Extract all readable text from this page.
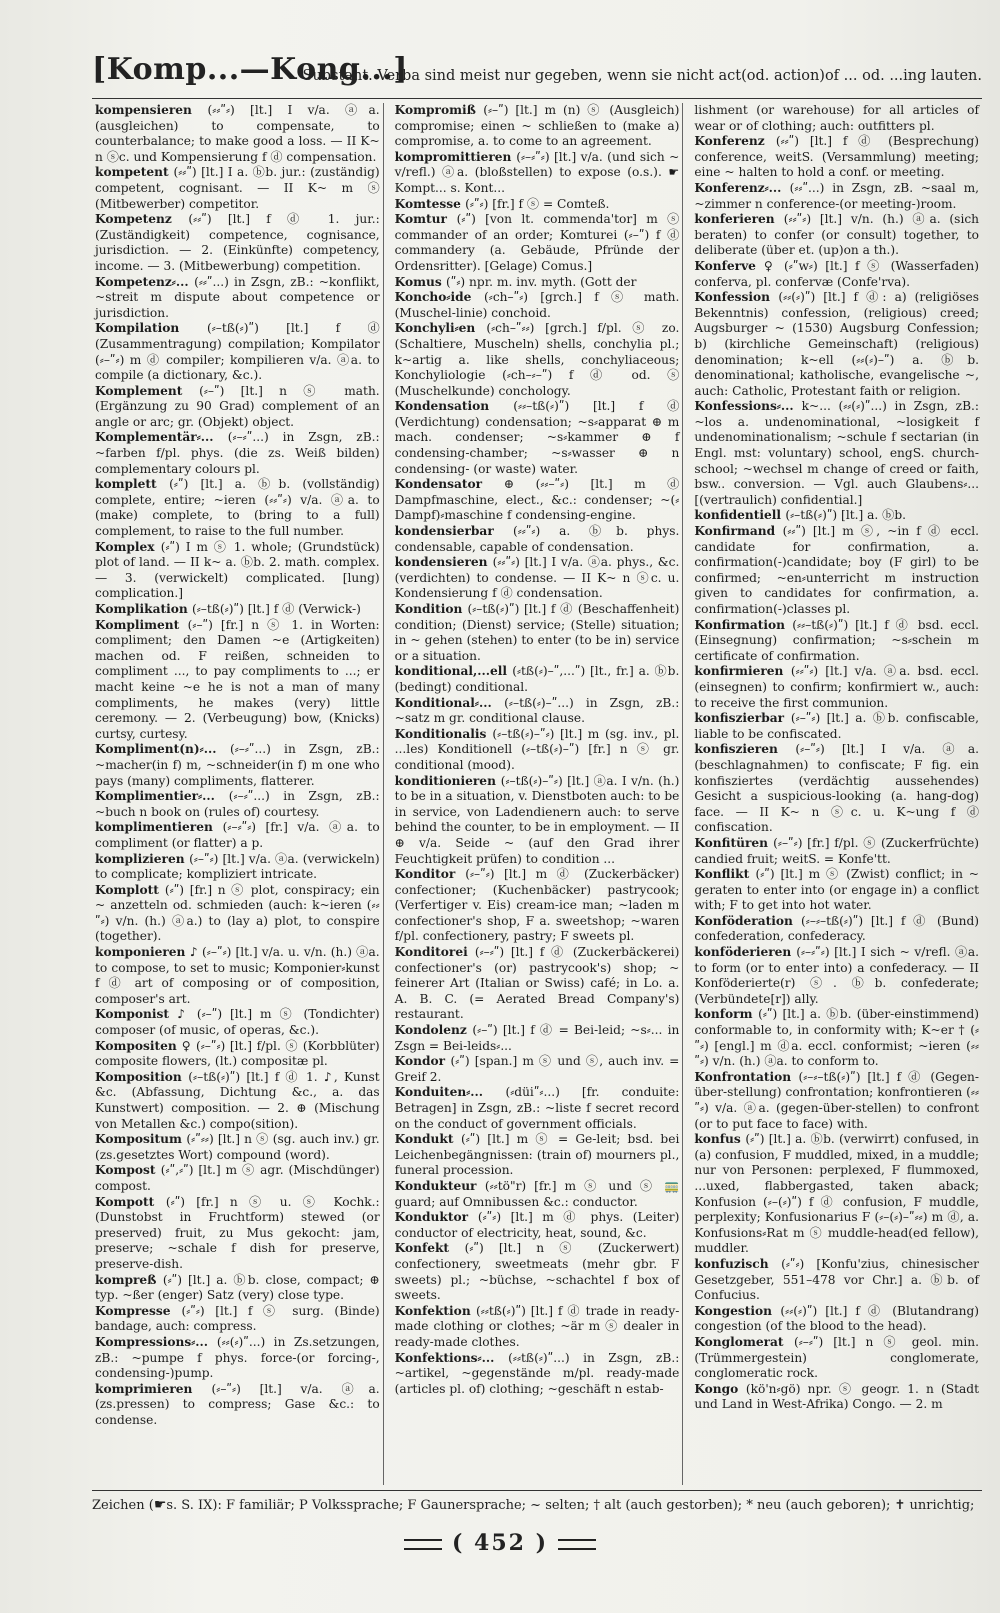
[Komp...—Kong...]
Substant. Verba sind meist nur gegeben, wenn sie nicht act(od. action)of ... od. ...ing lauten.

kompensieren (⸗⸗ʺ⸗) [lt.] I v/a. ⓐa. (ausgleichen) to compensate, to counterbalance; to make good a loss. — II K~ n ⓢc. und Kompensierung f ⓓ compensation.

kompetent (⸗⸗ʺ) [lt.] I a. ⓑb. jur.: (zuständig) competent, cognisant. — II K~ m ⓢ (Mitbewerber) competitor.

Kompetenz (⸗⸗ʺ) [lt.] f ⓓ 1. jur.: (Zuständigkeit) competence, cognisance, jurisdiction. — 2. (Einkünfte) competency, income. — 3. (Mitbewerbung) competition.

Kompetenz⸗... (⸗⸗ʺ...) in Zsgn, zB.: ~konflikt, ~streit m dispute about competence or jurisdiction.

Kompilation (⸗–tß(⸗)ʺ) [lt.] f ⓓ (Zusammentragung) compilation; Kompilator (⸗–ʺ⸗) m ⓓ compiler; kompilieren v/a. ⓐa. to compile (a dictionary, &c.).

Komplement (⸗–ʺ) [lt.] n ⓢ math. (Ergänzung zu 90 Grad) complement of an angle or arc; gr. (Objekt) object.

Komplementär⸗... (⸗–⸗ʺ...) in Zsgn, zB.: ~farben f/pl. phys. (die zs. Weiß bilden) complementary colours pl.

komplett (⸗ʺ) [lt.] a. ⓑb. (vollständig) complete, entire; ~ieren (⸗⸗ʺ⸗) v/a. ⓐa. to (make) complete, to (bring to a full) complement, to raise to the full number.

Komplex (⸗ʺ) I m ⓢ 1. whole; (Grundstück) plot of land. — II k~ a. ⓑb. 2. math. complex. — 3. (verwickelt) complicated. [lung) complication.]

Komplikation (⸗–tß(⸗)ʺ) [lt.] f ⓓ (Verwick-)

Kompliment (⸗–ʺ) [fr.] n ⓢ 1. in Worten: compliment; den Damen ~e (Artigkeiten) machen od. F reißen, schneiden to compliment ..., to pay compliments to ...; er macht keine ~e he is not a man of many compliments, he makes (very) little ceremony. — 2. (Verbeugung) bow, (Knicks) curtsy, curtesy.

Kompliment(n)⸗... (⸗–⸗ʺ...) in Zsgn, zB.: ~macher(in f) m, ~schneider(in f) m one who pays (many) compliments, flatterer.

Komplimentier⸗... (⸗–⸗ʺ...) in Zsgn, zB.: ~buch n book on (rules of) courtesy.

komplimentieren (⸗–⸗ʺ⸗) [fr.] v/a. ⓐa. to compliment (or flatter) a p.

komplizieren (⸗–ʺ⸗) [lt.] v/a. ⓐa. (verwickeln) to complicate; kompliziert intricate.

Komplott (⸗ʺ) [fr.] n ⓢ plot, conspiracy; ein ~ anzetteln od. schmieden (auch: k~ieren (⸗⸗ʺ⸗) v/n. (h.) ⓐa.) to (lay a) plot, to conspire (together).

komponieren ♪ (⸗–ʺ⸗) [lt.] v/a. u. v/n. (h.) ⓐa. to compose, to set to music; Komponier⸗kunst f ⓓ art of composing or of composition, composer's art.

Komponist ♪ (⸗–ʺ) [lt.] m ⓢ (Tondichter) composer (of music, of operas, &c.).

Kompositen ♀ (⸗–ʺ⸗) [lt.] f/pl. ⓢ (Korbblüter) composite flowers, (lt.) compositæ pl.

Komposition (⸗–tß(⸗)ʺ) [lt.] f ⓓ 1. ♪, Kunst &c. (Abfassung, Dichtung &c., a. das Kunstwert) composition. — 2. ⊕ (Mischung von Metallen &c.) compo(sition).

Kompositum (⸗ʺ⸗⸗) [lt.] n ⓢ (sg. auch inv.) gr. (zs.gesetztes Wort) compound (word).

Kompost (⸗ʺ,⸗ʺ) [lt.] m ⓢ agr. (Mischdünger) compost.

Kompott (⸗ʺ) [fr.] n ⓢ u. ⓢ Kochk.: (Dunstobst in Fruchtform) stewed (or preserved) fruit, zu Mus gekocht: jam, preserve; ~schale f dish for preserve, preserve-dish.

kompreß (⸗ʺ) [lt.] a. ⓑb. close, compact; ⊕ typ. ~ßer (enger) Satz (very) close type.

Kompresse (⸗ʺ⸗) [lt.] f ⓢ surg. (Binde) bandage, auch: compress.

Kompressions⸗... (⸗⸗(⸗)ʺ...) in Zs.setzungen, zB.: ~pumpe f phys. force-(or forcing-, condensing-)pump.

komprimieren (⸗–ʺ⸗) [lt.] v/a. ⓐa. (zs.pressen) to compress; Gase &c.: to condense.

Kompromiß (⸗–ʺ) [lt.] m (n) ⓢ (Ausgleich) compromise; einen ~ schließen to (make a) compromise, a. to come to an agreement.

kompromittieren (⸗–⸗ʺ⸗) [lt.] v/a. (und sich ~ v/refl.) ⓐa. (bloßstellen) to expose (o.s.). ☛ Kompt... s. Kont...

Komtesse (⸗ʺ⸗) [fr.] f ⓢ = Comteß.

Komtur (⸗ʺ) [von lt. commenda'tor] m ⓢ commander of an order; Komturei (⸗–ʺ) f ⓓ commandery (a. Gebäude, Pfründe der Ordensritter). [Gelage) Comus.]

Komus (ʺ⸗) npr. m. inv. myth. (Gott der

Koncho⸗ide (⸗ch–ʺ⸗) [grch.] f ⓢ math. (Muschel-linie) conchoid.

Konchyli⸗en (⸗ch–ʺ⸗⸗) [grch.] f/pl. ⓢ zo. (Schaltiere, Muscheln) shells, conchylia pl.; k~artig a. like shells, conchyliaceous; Konchyliologie (⸗ch–⸗–ʺ) f ⓓ od. ⓢ (Muschelkunde) conchology.

Kondensation (⸗⸗–tß(⸗)ʺ) [lt.] f ⓓ (Verdichtung) condensation; ~s⸗apparat ⊕ m mach. condenser; ~s⸗kammer ⊕ f condensing-chamber; ~s⸗wasser ⊕ n condensing- (or waste) water.

Kondensator ⊕ (⸗⸗–ʺ⸗) [lt.] m ⓓ Dampfmaschine, elect., &c.: condenser; ~(⸗Dampf)⸗maschine f condensing-engine.

kondensierbar (⸗⸗ʺ⸗) a. ⓑb. phys. condensable, capable of condensation.

kondensieren (⸗⸗ʺ⸗) [lt.] I v/a. ⓐa. phys., &c. (verdichten) to condense. — II K~ n ⓢc. u. Kondensierung f ⓓ condensation.

Kondition (⸗–tß(⸗)ʺ) [lt.] f ⓓ (Beschaffenheit) condition; (Dienst) service; (Stelle) situation; in ~ gehen (stehen) to enter (to be in) service or a situation.

konditional,...ell (⸗tß(⸗)–ʺ,...ʺ) [lt., fr.] a. ⓑb. (bedingt) conditional.

Konditional⸗... (⸗–tß(⸗)–ʺ...) in Zsgn, zB.: ~satz m gr. conditional clause.

Konditionalis (⸗–tß(⸗)–ʺ⸗) [lt.] m (sg. inv., pl. ...les) Konditionell (⸗–tß(⸗)–ʺ) [fr.] n ⓢ gr. conditional (mood).

konditionieren (⸗–tß(⸗)–ʺ⸗) [lt.] ⓐa. I v/n. (h.) to be in a situation, v. Dienstboten auch: to be in service, von Ladendienern auch: to serve behind the counter, to be in employment. — II ⊕ v/a. Seide ~ (auf den Grad ihrer Feuchtigkeit prüfen) to condition ...

Konditor (⸗–ʺ⸗) [lt.] m ⓓ (Zuckerbäcker) confectioner; (Kuchenbäcker) pastrycook; (Verfertiger v. Eis) cream-ice man; ~laden m confectioner's shop, F a. sweetshop; ~waren f/pl. confectionery, pastry; F sweets pl.

Konditorei (⸗–⸗ʺ) [lt.] f ⓓ (Zuckerbäckerei) confectioner's (or) pastrycook's) shop; ~ feinerer Art (Italian or Swiss) café; in Lo. a. A. B. C. (= Aerated Bread Company's) restaurant.

Kondolenz (⸗–ʺ) [lt.] f ⓓ = Bei-leid; ~s⸗... in Zsgn = Bei-leids⸗...

Kondor (⸗ʺ) [span.] m ⓢ und ⓢ, auch inv. = Greif 2.

Konduiten⸗... (⸗düiʺ⸗...) [fr. conduite: Betragen] in Zsgn, zB.: ~liste f secret record on the conduct of government officials.

Kondukt (⸗ʺ) [lt.] m ⓢ = Ge-leit; bsd. bei Leichenbegängnissen: (train of) mourners pl., funeral procession.

Kondukteur (⸗⸗tö"r) [fr.] m ⓢ und ⓢ 🚃 guard; auf Omnibussen &c.: conductor.

Konduktor (⸗ʺ⸗) [lt.] m ⓓ phys. (Leiter) conductor of electricity, heat, sound, &c.

Konfekt (⸗ʺ) [lt.] n ⓢ (Zuckerwert) confectionery, sweetmeats (mehr gbr. F sweets) pl.; ~büchse, ~schachtel f box of sweets.

Konfektion (⸗⸗tß(⸗)ʺ) [lt.] f ⓓ trade in ready-made clothing or clothes; ~är m ⓢ dealer in ready-made clothes.

Konfektions⸗... (⸗⸗tß(⸗)ʺ...) in Zsgn, zB.: ~artikel, ~gegenstände m/pl. ready-made (articles pl. of) clothing; ~geschäft n estab-

lishment (or warehouse) for all articles of wear or of clothing; auch: outfitters pl.

Konferenz (⸗⸗ʺ) [lt.] f ⓓ (Besprechung) conference, weitS. (Versammlung) meeting; eine ~ halten to hold a conf. or meeting.

Konferenz⸗... (⸗⸗ʺ...) in Zsgn, zB. ~saal m, ~zimmer n conference-(or meeting-)room.

konferieren (⸗⸗ʺ⸗) [lt.] v/n. (h.) ⓐa. (sich beraten) to confer (or consult) together, to deliberate (über et. (up)on a th.).

Konferve ♀ (⸗ʺw⸗) [lt.] f ⓢ (Wasserfaden) conferva, pl. confervæ (Confe'rva).

Konfession (⸗⸗(⸗)ʺ) [lt.] f ⓓ: a) (religiöses Bekenntnis) confession, (religious) creed; Augsburger ~ (1530) Augsburg Confession; b) (kirchliche Gemeinschaft) (religious) denomination; k~ell (⸗⸗(⸗)–ʺ) a. ⓑb. denominational; katholische, evangelische ~, auch: Catholic, Protestant faith or religion.

Konfessions⸗... k~... (⸗⸗(⸗)ʺ...) in Zsgn, zB.: ~los a. undenominational, ~losigkeit f undenominationalism; ~schule f sectarian (in Engl. mst: voluntary) school, engS. church-school; ~wechsel m change of creed or faith, bsw.. conversion. — Vgl. auch Glaubens⸗... [(vertraulich) confidential.]

konfidentiell (⸗–tß(⸗)ʺ) [lt.] a. ⓑb.

Konfirmand (⸗⸗ʺ) [lt.] m ⓢ, ~in f ⓓ eccl. candidate for confirmation, a. confirmation(-)candidate; boy (F girl) to be confirmed; ~en⸗unterricht m instruction given to candidates for confirmation, a. confirmation(-)classes pl.

Konfirmation (⸗⸗–tß(⸗)ʺ) [lt.] f ⓓ bsd. eccl. (Einsegnung) confirmation; ~s⸗schein m certificate of confirmation.

konfirmieren (⸗⸗ʺ⸗) [lt.] v/a. ⓐa. bsd. eccl. (einsegnen) to confirm; konfirmiert w., auch: to receive the first communion.

konfiszierbar (⸗–ʺ⸗) [lt.] a. ⓑb. confiscable, liable to be confiscated.

konfiszieren (⸗–ʺ⸗) [lt.] I v/a. ⓐa. (beschlagnahmen) to confiscate; F fig. ein konfisziertes (verdächtig aussehendes) Gesicht a suspicious-looking (a. hang-dog) face. — II K~ n ⓢc. u. K~ung f ⓓ confiscation.

Konfitüren (⸗–ʺ⸗) [fr.] f/pl. ⓢ (Zuckerfrüchte) candied fruit; weitS. = Konfe'tt.

Konflikt (⸗ʺ) [lt.] m ⓢ (Zwist) conflict; in ~ geraten to enter into (or engage in) a conflict with; F to get into hot water.

Konföderation (⸗–⸗–tß(⸗)ʺ) [lt.] f ⓓ (Bund) confederation, confederacy.

konföderieren (⸗–⸗ʺ⸗) [lt.] I sich ~ v/refl. ⓐa. to form (or to enter into) a confederacy. — II Konföderierte(r) ⓢ. ⓑb. confederate; (Verbündete[r]) ally.

konform (⸗ʺ) [lt.] a. ⓑb. (über-einstimmend) conformable to, in conformity with; K~er † (⸗ʺ⸗) [engl.] m ⓓa. eccl. conformist; ~ieren (⸗⸗ʺ⸗) v/n. (h.) ⓐa. to conform to.

Konfrontation (⸗–⸗–tß(⸗)ʺ) [lt.] f ⓓ (Gegen-über-stellung) confrontation; konfrontieren (⸗⸗ʺ⸗) v/a. ⓐa. (gegen-über-stellen) to confront (or to put face to face) with.

konfus (⸗ʺ) [lt.] a. ⓑb. (verwirrt) confused, in (a) confusion, F muddled, mixed, in a muddle; nur von Personen: perplexed, F flummoxed, ...uxed, flabbergasted, taken aback; Konfusion (⸗–(⸗)ʺ) f ⓓ confusion, F muddle, perplexity; Konfusionarius F (⸗–(⸗)–ʺ⸗⸗) m ⓓ, a. Konfusions⸗Rat m ⓢ muddle-head(ed fellow), muddler.

konfuzisch (⸗ʺ⸗) [Konfu'zius, chinesischer Gesetzgeber, 551–478 vor Chr.] a. ⓑb. of Confucius.

Kongestion (⸗⸗(⸗)ʺ) [lt.] f ⓓ (Blutandrang) congestion (of the blood to the head).

Konglomerat (⸗–⸗ʺ) [lt.] n ⓢ geol. min. (Trümmergestein) conglomerate, conglomeratic rock.

Kongo (kö'n⸗gö) npr. ⓢ geogr. 1. n (Stadt und Land in West-Afrika) Congo. — 2. m

Zeichen (☛s. S. IX): F familiär; P Volkssprache; F Gaunersprache; ~ selten; † alt (auch gestorben); * neu (auch geboren); ✝ unrichtig;
( 452 )
